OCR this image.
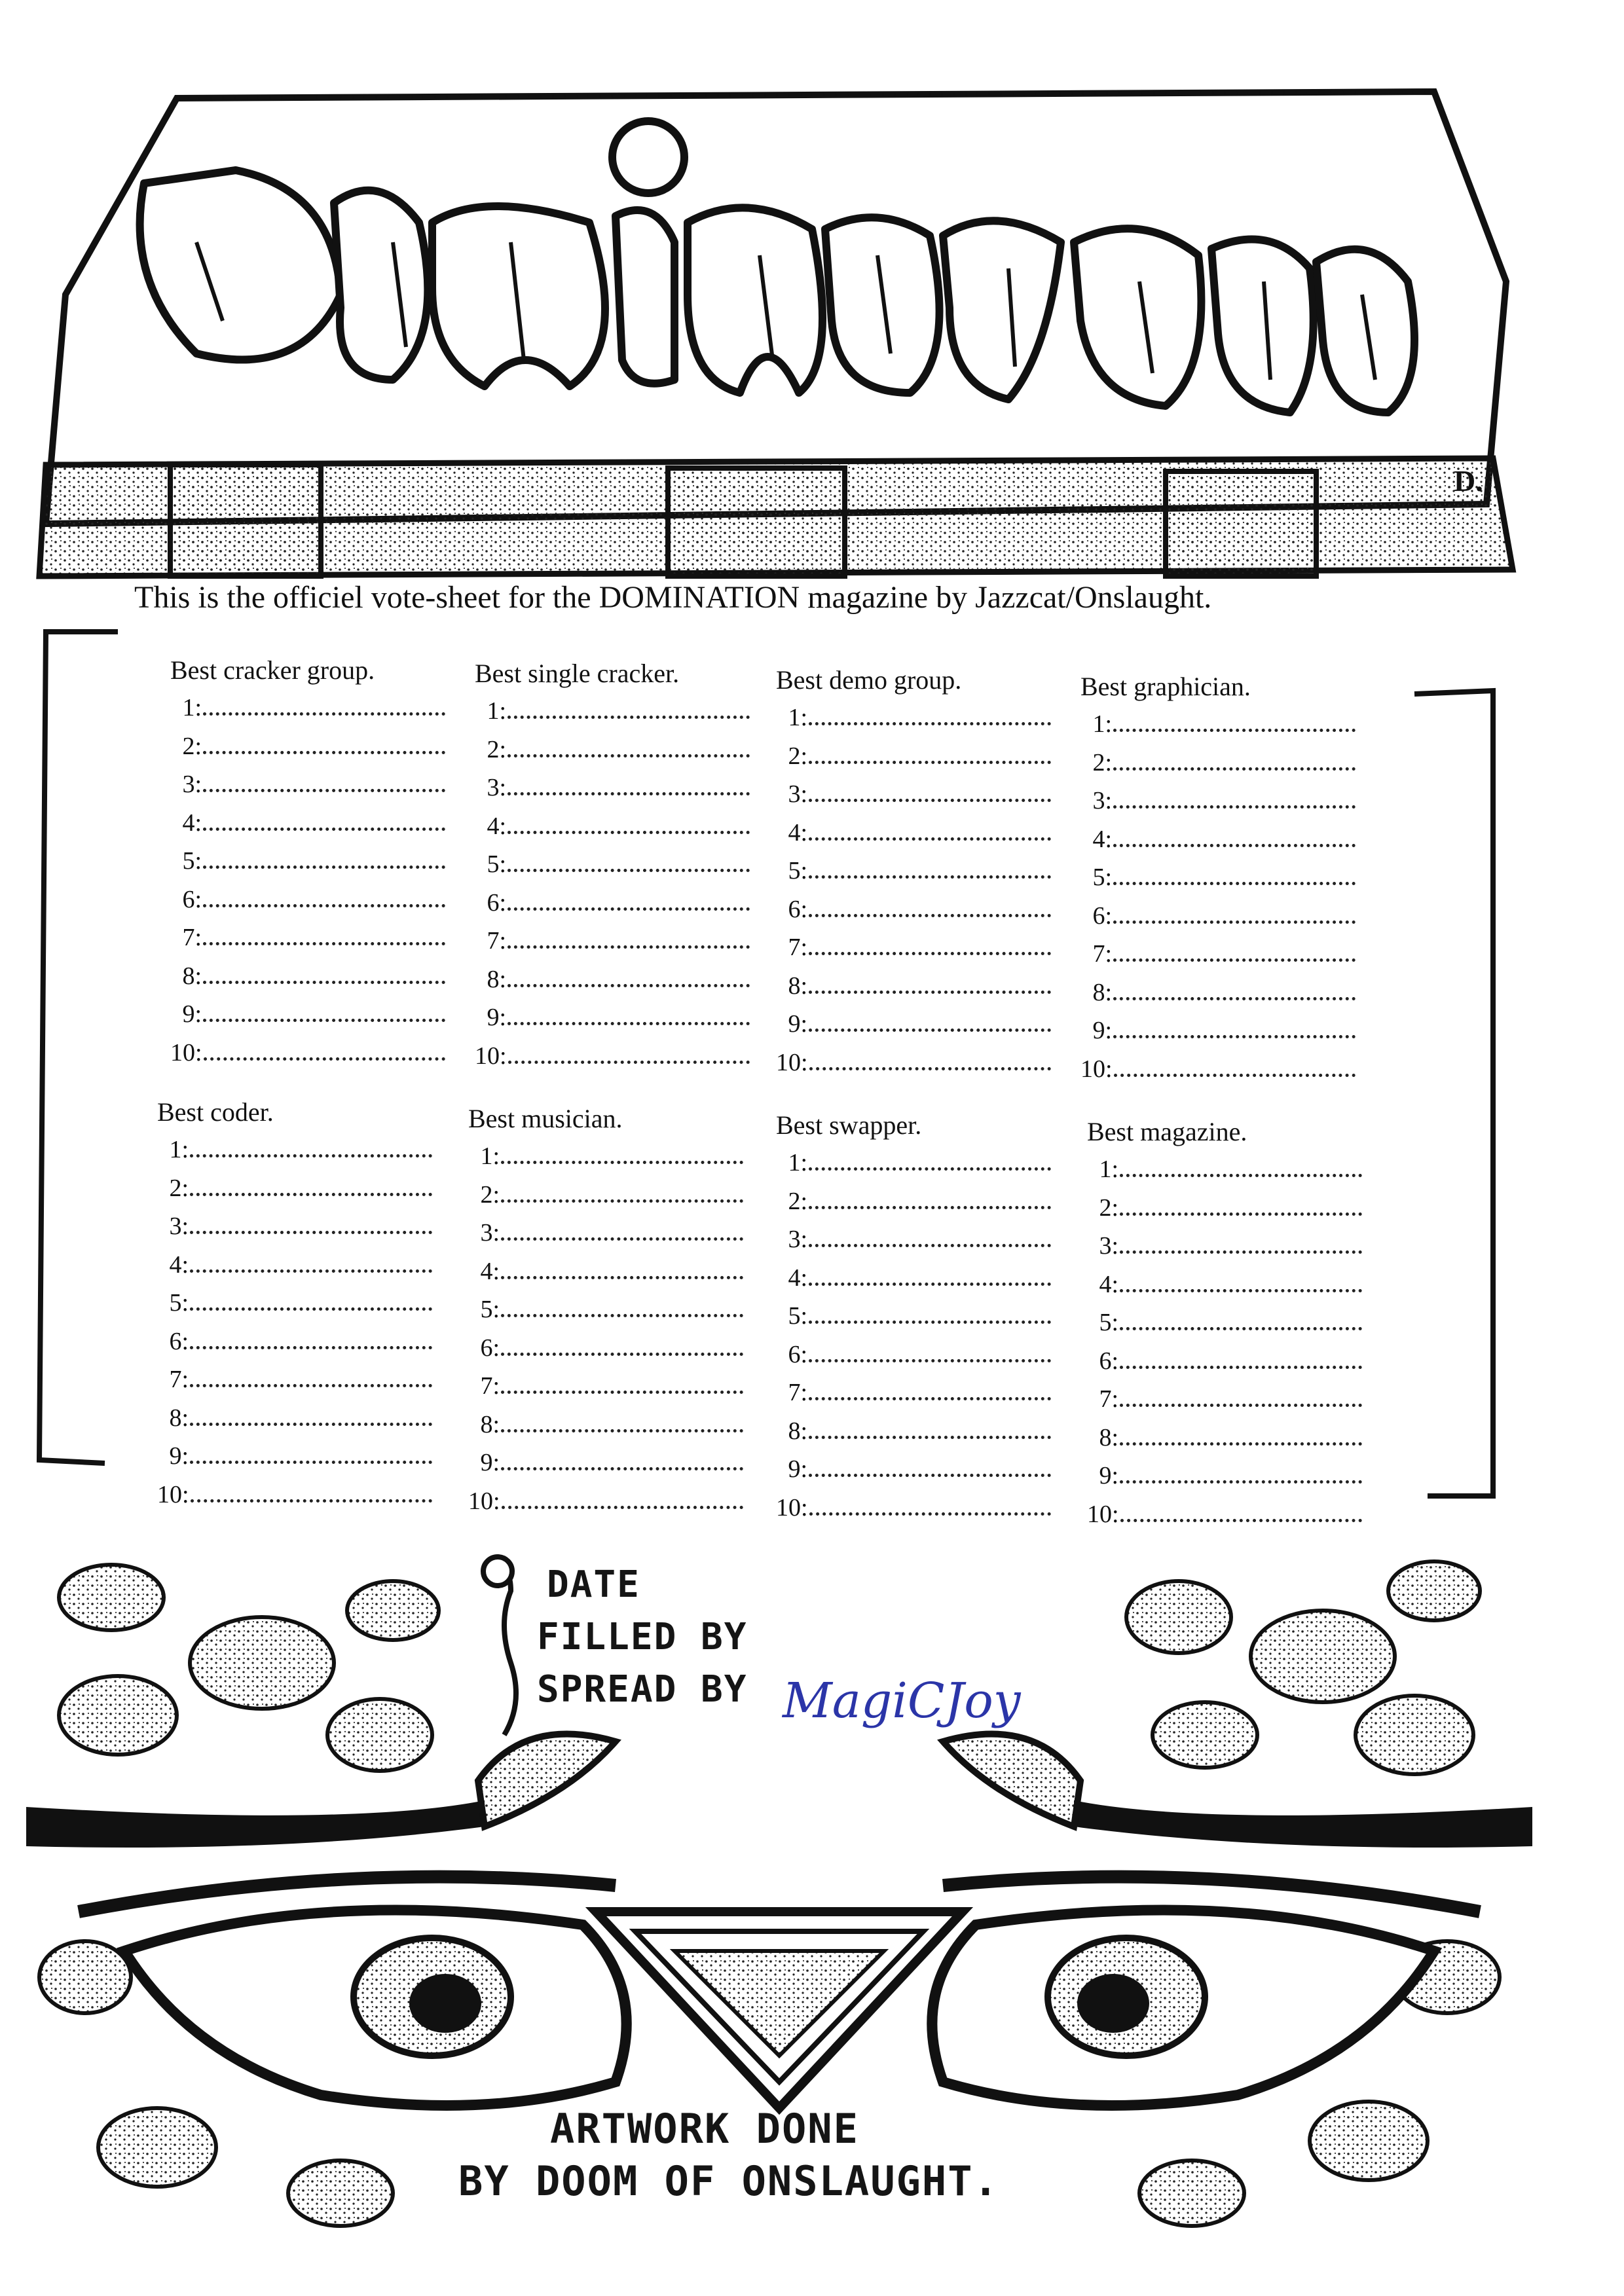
D.
This is the officiel vote-sheet for the DOMINATION magazine by Jazzcat/Onslaught.
Best cracker group.
1:
2:
3:
4:
5:
6:
7:
8:
9:
10:
Best single cracker.
1:
2:
3:
4:
5:
6:
7:
8:
9:
10:
Best demo group.
1:
2:
3:
4:
5:
6:
7:
8:
9:
10:
Best graphician.
1:
2:
3:
4:
5:
6:
7:
8:
9:
10:
Best coder.
1:
2:
3:
4:
5:
6:
7:
8:
9:
10:
Best musician.
1:
2:
3:
4:
5:
6:
7:
8:
9:
10:
Best swapper.
1:
2:
3:
4:
5:
6:
7:
8:
9:
10:
Best magazine.
1:
2:
3:
4:
5:
6:
7:
8:
9:
10:
DATE
FILLED BY
SPREAD BY MagiCJoy
ARTWORK DONE
BY DOOM OF ONSLAUGHT.
